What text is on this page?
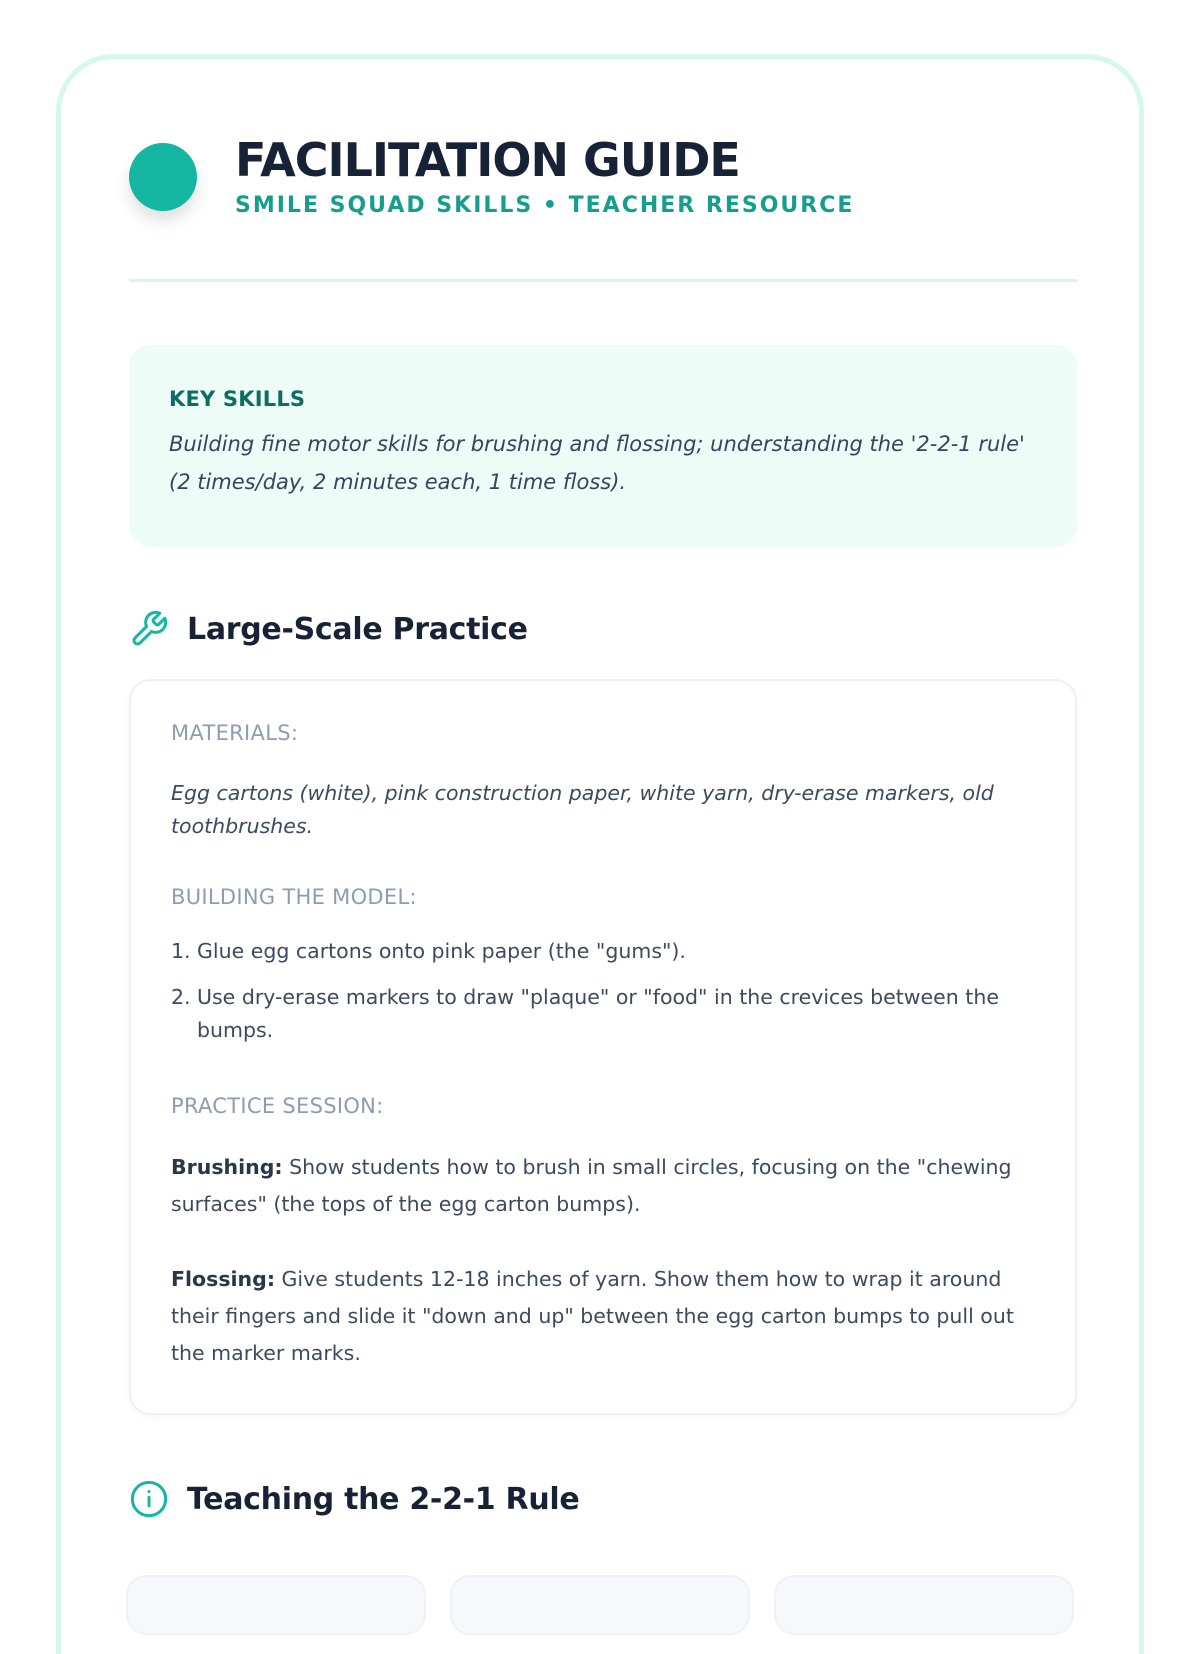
FACILITATION GUIDE
SMILE SQUAD SKILLS • TEACHER RESOURCE

KEY SKILLS

Building fine motor skills for brushing and flossing; understanding the '2-2-1 rule' (2 times/day, 2 minutes each, 1 time floss).

Large-Scale Practice
MATERIALS:

Egg cartons (white), pink construction paper, white yarn, dry-erase markers, old toothbrushes.

BUILDING THE MODEL:
1. Glue egg cartons onto pink paper (the "gums").
2. Use dry-erase markers to draw "plaque" or "food" in the crevices between the bumps.
PRACTICE SESSION:

Brushing: Show students how to brush in small circles, focusing on the "chewing surfaces" (the tops of the egg carton bumps).

Flossing: Give students 12-18 inches of yarn. Show them how to wrap it around their fingers and slide it "down and up" between the egg carton bumps to pull out the marker marks.

Teaching the 2-2-1 Rule
